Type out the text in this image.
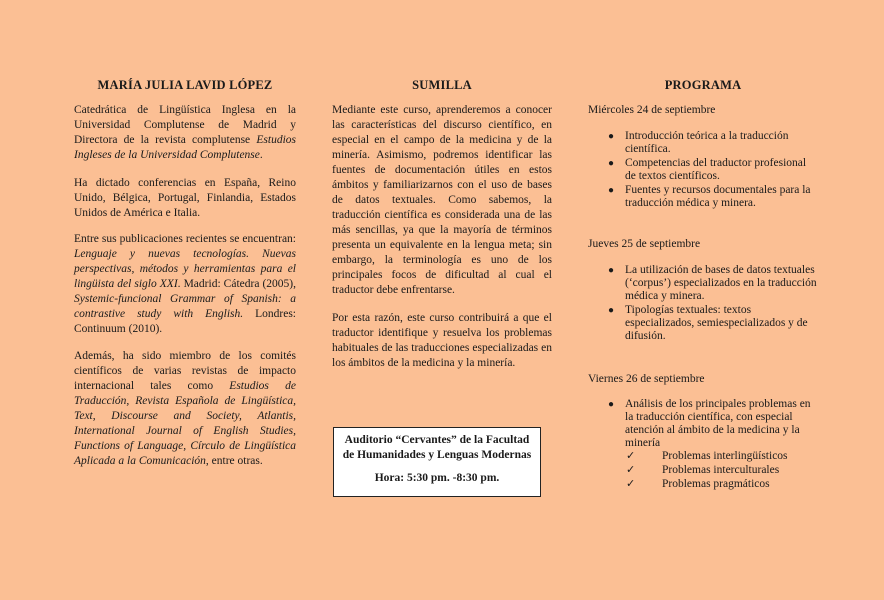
MARÍA JULIA LAVID LÓPEZ

Catedrática de Lingüística Inglesa en la Universidad Complutense de Madrid y Directora de la revista complutense Estudios Ingleses de la Universidad Complutense.

Ha dictado conferencias en España, Reino Unido, Bélgica, Portugal, Finlandia, Estados Unidos de América e Italia.

Entre sus publicaciones recientes se encuentran: Lenguaje y nuevas tecnologías. Nuevas perspectivas, métodos y herramientas para el lingüista del siglo XXI. Madrid: Cátedra (2005), Systemic-funcional Grammar of Spanish: a contrastive study with English. Londres: Continuum (2010).

Además, ha sido miembro de los comités científicos de varias revistas de impacto internacional tales como Estudios de Traducción, Revista Española de Lingüística, Text, Discourse and Society, Atlantis, International Journal of English Studies, Functions of Language, Círculo de Lingüística Aplicada a la Comunicación, entre otras.

SUMILLA

Mediante este curso, aprenderemos a conocer las características del discurso científico, en especial en el campo de la medicina y de la minería. Asimismo, podremos identificar las fuentes de documentación útiles en estos ámbitos y familiarizarnos con el uso de bases de datos textuales. Como sabemos, la traducción científica es considerada una de las más sencillas, ya que la mayoría de términos presenta un equivalente en la lengua meta; sin embargo, la terminología es uno de los principales focos de dificultad al cual el traductor debe enfrentarse.

Por esta razón, este curso contribuirá a que el traductor identifique y resuelva los problemas habituales de las traducciones especializadas en los ámbitos de la medicina y la minería.

Auditorio “Cervantes” de la Facultad
de Humanidades y Lenguas Modernas
Hora: 5:30 pm. -8:30 pm.
PROGRAMA
Miércoles 24 de septiembre
● Introducción teórica a la traducción científica.
● Competencias del traductor profesional de textos científicos.
● Fuentes y recursos documentales para la traducción médica y minera.
Jueves 25 de septiembre
● La utilización de bases de datos textuales (‘corpus’) especializados en la traducción médica y minera.
● Tipologías textuales: textos especializados, semiespecializados y de difusión.
Viernes 26 de septiembre
● Análisis de los principales problemas en la traducción científica, con especial atención al ámbito de la medicina y la minería
✓ Problemas interlingüísticos
✓ Problemas interculturales
✓ Problemas pragmáticos
